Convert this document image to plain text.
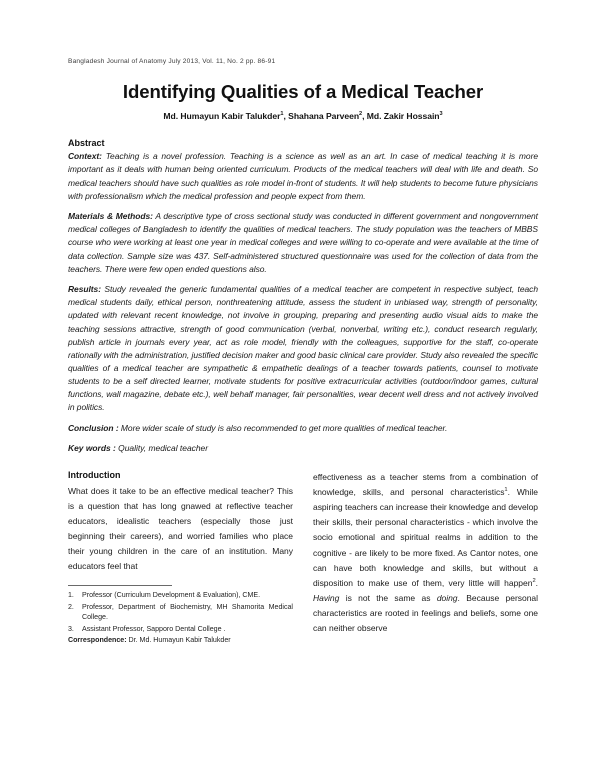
Bangladesh Journal of Anatomy July 2013, Vol. 11, No. 2 pp. 86-91
Identifying Qualities of a Medical Teacher
Md. Humayun Kabir Talukder$^1$, Shahana Parveen$^2$, Md. Zakir Hossain$^3$
Abstract

Context: Teaching is a novel profession. Teaching is a science as well as an art. In case of medical teaching it is more important as it deals with human being oriented curriculum. Products of the medical teachers will deal with life and death. So medical teachers should have such qualities as role model in-front of students. It will help students to become future physicians with professionalism which the medical profession and people expect from them.

Materials & Methods: A descriptive type of cross sectional study was conducted in different government and nongovernment medical colleges of Bangladesh to identify the qualities of medical teachers. The study population was the teachers of MBBS course who were working at least one year in medical colleges and were willing to co-operate and were available at the time of data collection. Sample size was 437. Self-administered structured questionnaire was used for the collection of data from the teachers. There were few open ended questions also.

Results: Study revealed the generic fundamental qualities of a medical teacher are competent in respective subject, teach medical students daily, ethical person, nonthreatening attitude, assess the student in unbiased way, strength of personality, updated with relevant recent knowledge, not involve in grouping, preparing and presenting audio visual aids to make the teaching sessions attractive, strength of good communication (verbal, nonverbal, writing etc.), conduct research regularly, publish article in journals every year, act as role model, friendly with the colleagues, supportive for the staff, co-operate rationally with the administration, justified decision maker and good basic clinical care provider. Study also revealed the specific qualities of a medical teacher are sympathetic & empathetic dealings of a teacher towards patients, counsel to motivate students to be a self directed learner, motivate students for positive extracurricular activities (outdoor/indoor games, cultural functions, wall magazine, debate etc.), well behalf manager, fair personalities, wear decent well dress and not actively involved in politics.

Conclusion : More wider scale of study is also recommended to get more qualities of medical teacher.

Key words : Quality, medical teacher

Introduction

What does it take to be an effective medical teacher? This is a question that has long gnawed at reflective teacher educators, idealistic teachers (especially those just beginning their careers), and worried families who place their young children in the care of an institution. Many educators feel that

1.	Professor (Curriculum Development & Evaluation), CME.
2.	Professor, Department of Biochemistry, MH Shamorita Medical College.
3.	Assistant Professor, Sapporo Dental College .
Correspondence: Dr. Md. Humayun Kabir Talukder

effectiveness as a teacher stems from a combination of knowledge, skills, and personal characteristics$^1$. While aspiring teachers can increase their knowledge and develop their skills, their personal characteristics - which involve the socio emotional and spiritual realms in addition to the cognitive - are likely to be more fixed. As Cantor notes, one can have both knowledge and skills, but without a disposition to make use of them, very little will happen$^2$. Having is not the same as doing. Because personal characteristics are rooted in feelings and beliefs, some one can neither observe
